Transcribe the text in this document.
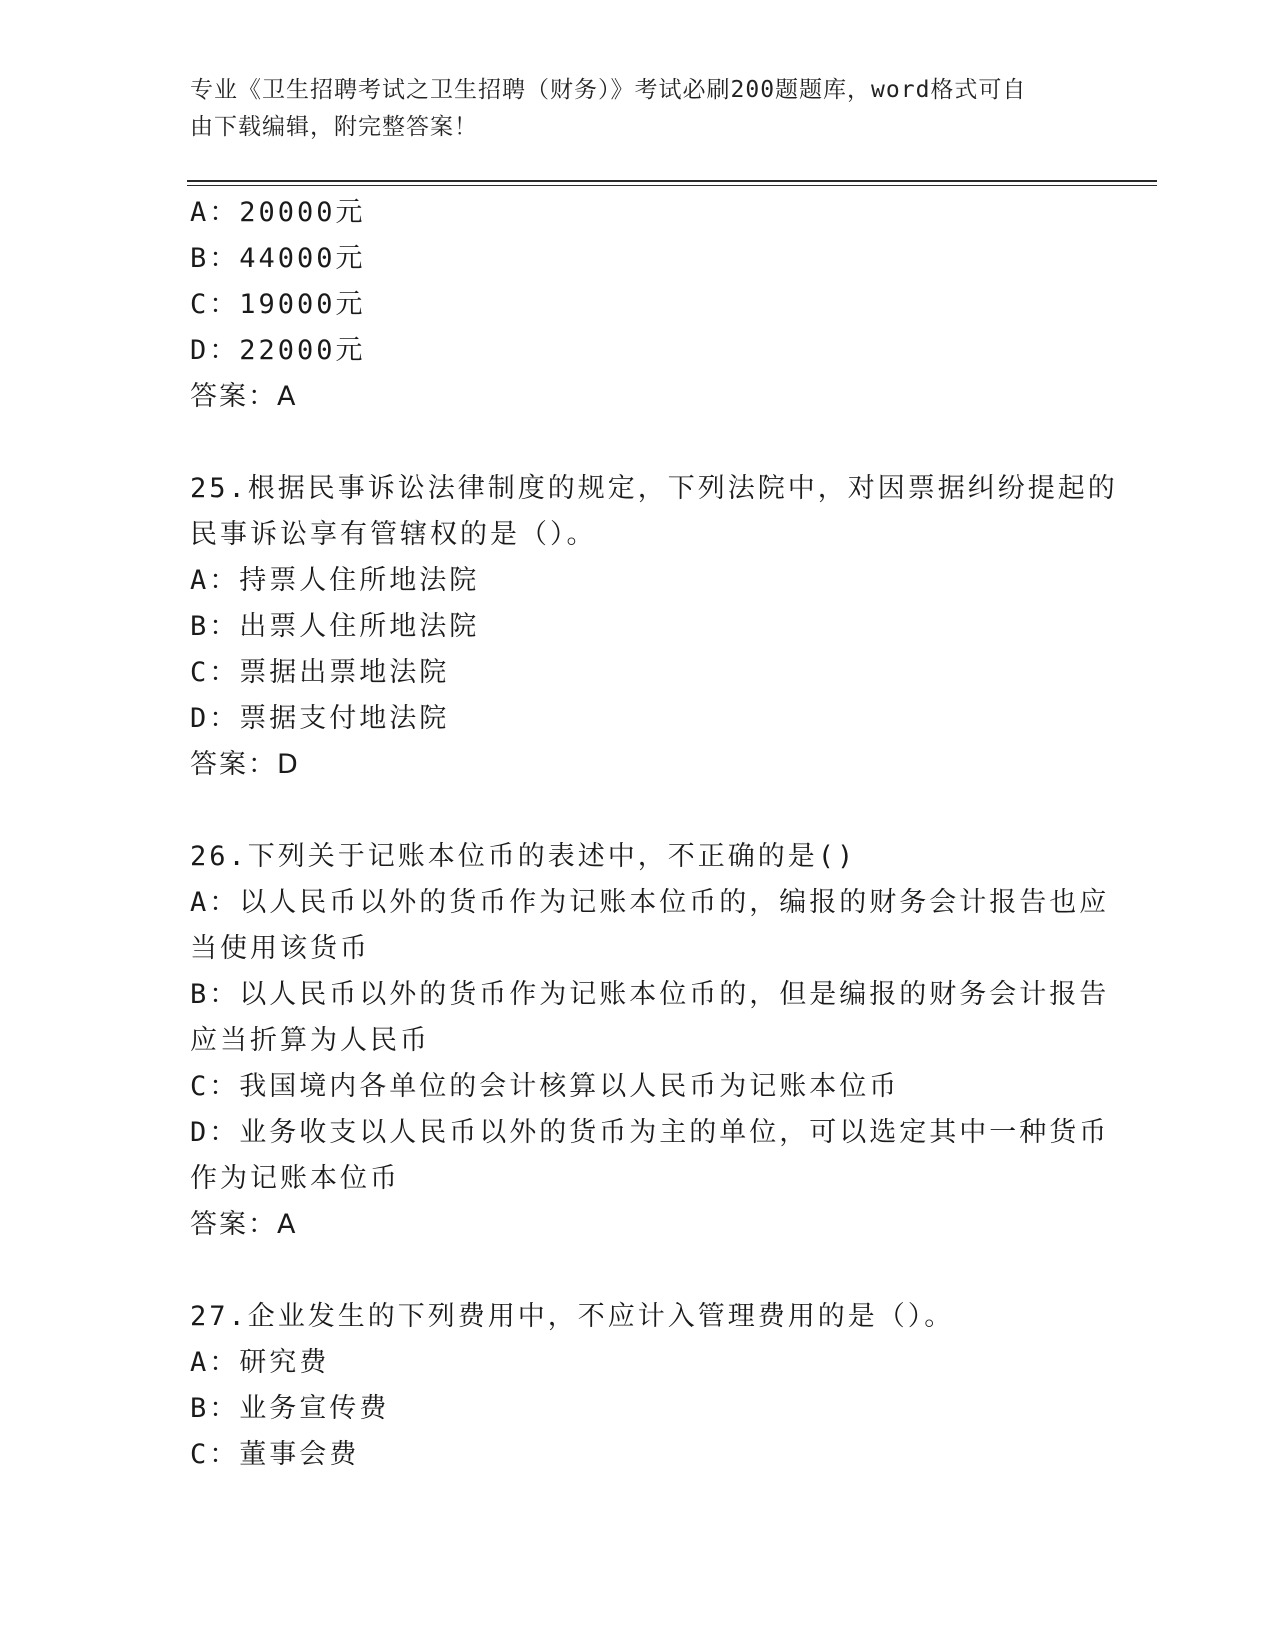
专业《卫生招聘考试之卫生招聘（财务）》考试必刷200题题库，word格式可自
由下载编辑，附完整答案！
A：20000元
B：44000元
C：19000元
D：22000元
答案：A
25.根据民事诉讼法律制度的规定，下列法院中，对因票据纠纷提起的
民事诉讼享有管辖权的是（）。
A：持票人住所地法院
B：出票人住所地法院
C：票据出票地法院
D：票据支付地法院
答案：D
26.下列关于记账本位币的表述中，不正确的是()
A：以人民币以外的货币作为记账本位币的，编报的财务会计报告也应
当使用该货币
B：以人民币以外的货币作为记账本位币的，但是编报的财务会计报告
应当折算为人民币
C：我国境内各单位的会计核算以人民币为记账本位币
D：业务收支以人民币以外的货币为主的单位，可以选定其中一种货币
作为记账本位币
答案：A
27.企业发生的下列费用中，不应计入管理费用的是（）。
A：研究费
B：业务宣传费
C：董事会费
